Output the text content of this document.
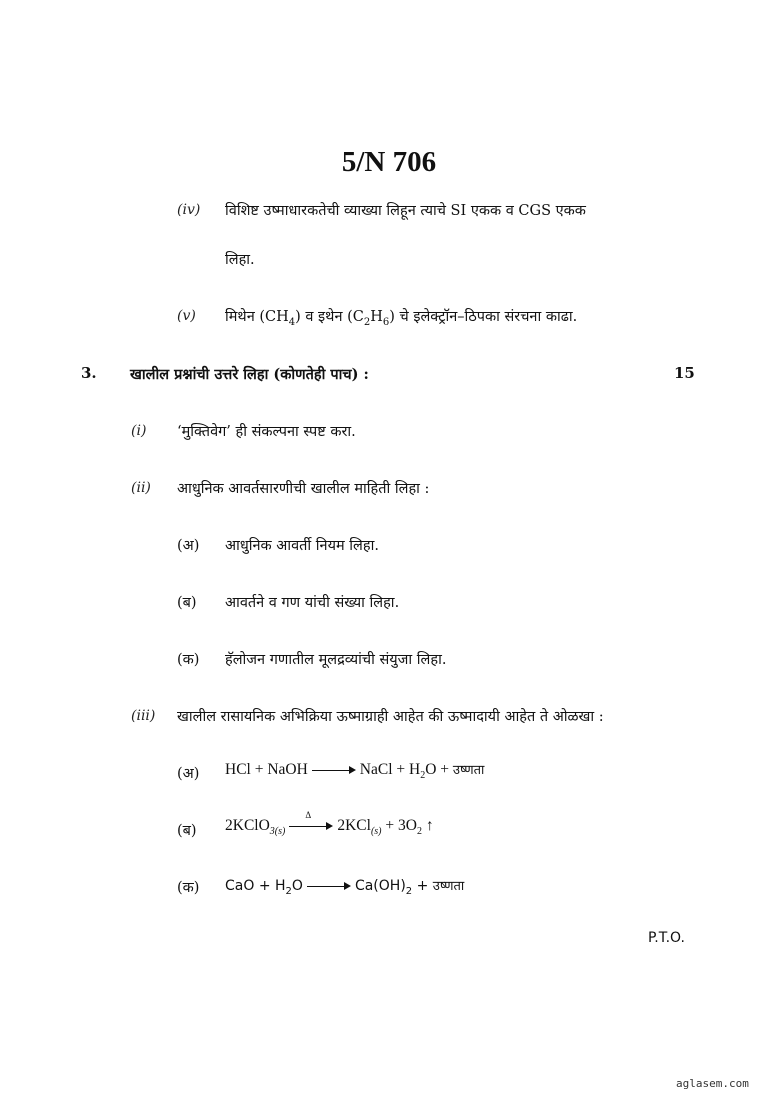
5/N 706
(iv) विशिष्ट उष्माधारकतेची व्याख्या लिहून त्याचे SI एकक व CGS एकक
लिहा.
(v) मिथेन $(CH_4)$ व इथेन $(C_2H_6)$ चे इलेक्ट्रॉन–ठिपका संरचना काढा.
3. खालील प्रश्नांची उत्तरे लिहा (कोणतेही पाच) :	15
(i) ‘मुक्तिवेग’ ही संकल्पना स्पष्ट करा.
(ii) आधुनिक आवर्तसारणीची खालील माहिती लिहा :
(अ) आधुनिक आवर्ती नियम लिहा.
(ब) आवर्तने व गण यांची संख्या लिहा.
(क) हॅलोजन गणातील मूलद्रव्यांची संयुजा लिहा.
(iii) खालील रासायनिक अभिक्रिया ऊष्माग्राही आहेत की ऊष्मादायी आहेत ते ओळखा :
(अ) HCl + NaOH	NaCl + $H_2O$ + उष्णता
(ब) 2KClO$_{3(s)}$
Δ
$2KCl_{(s)} + 3O_2$ ↑
(क) CaO + $H_2O$	$Ca(OH)_2$ + उष्णता
P.T.O.
aglasem.com
